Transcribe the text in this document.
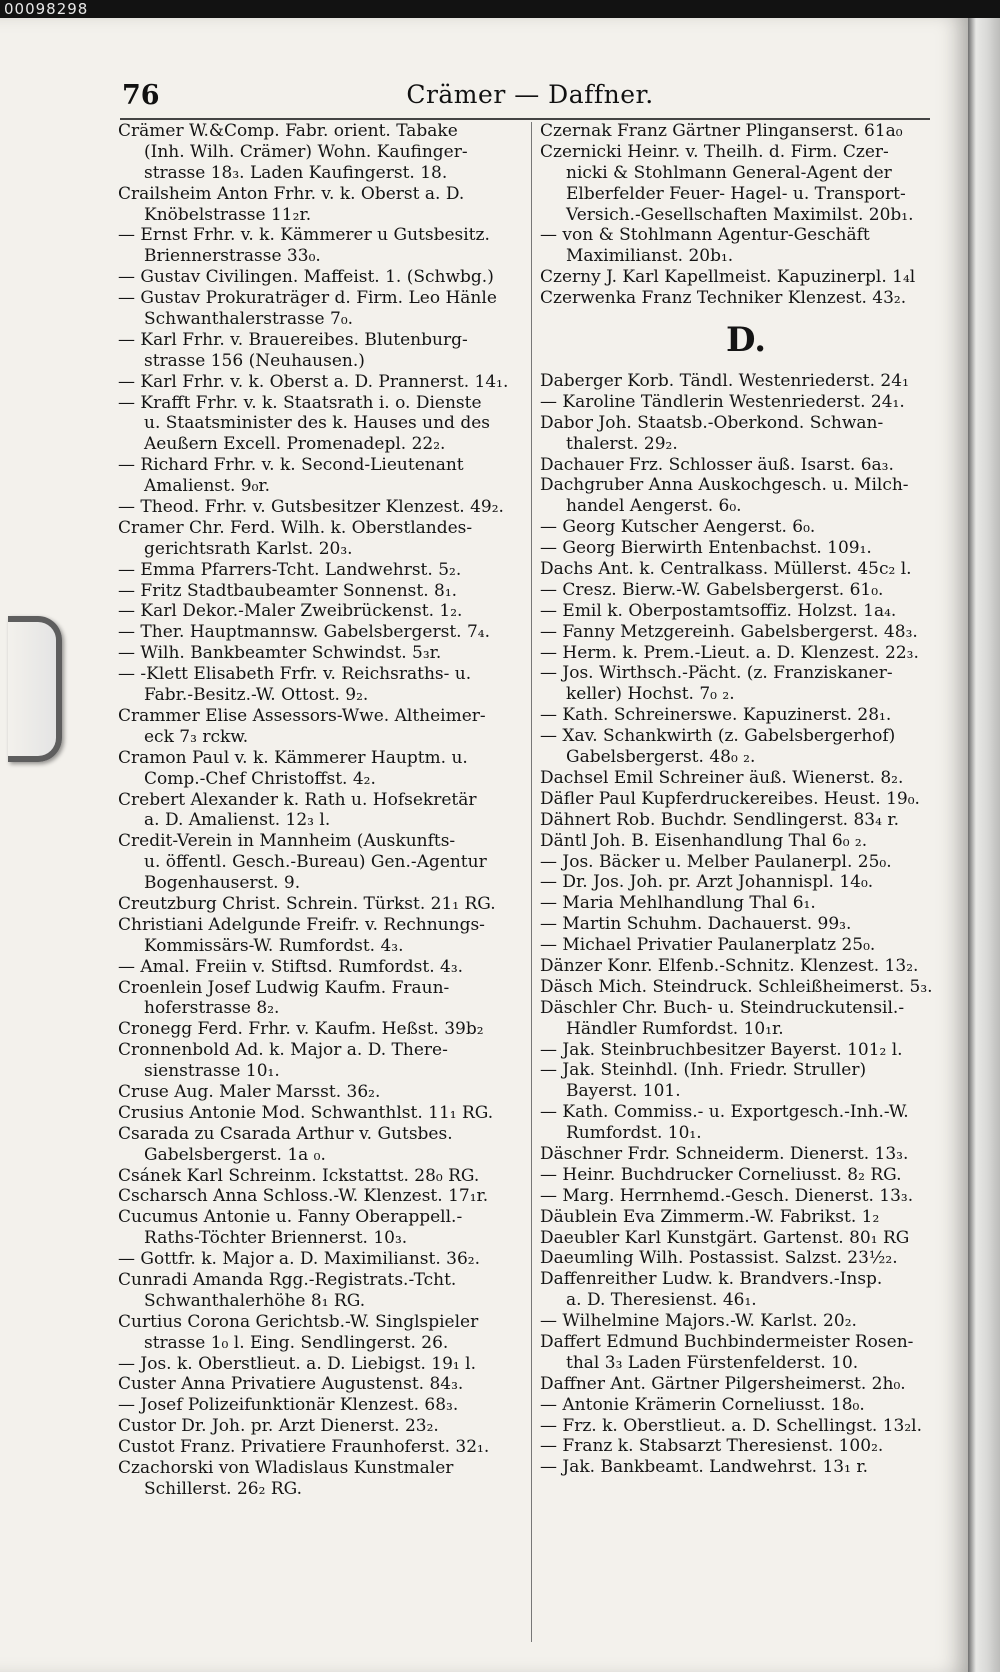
00098298
76	Crämer — Daffner.
Crämer W.&Comp. Fabr. orient. Tabake
(Inh. Wilh. Crämer) Wohn. Kaufinger-
strasse 18₃. Laden Kaufingerst. 18.
Crailsheim Anton Frhr. v. k. Oberst a. D.
Knöbelstrasse 11₂r.
— Ernst Frhr. v. k. Kämmerer u Gutsbesitz.
Briennerstrasse 33₀.
— Gustav Civilingen. Maffeist. 1. (Schwbg.)
— Gustav Prokuraträger d. Firm. Leo Hänle
Schwanthalerstrasse 7₀.
— Karl Frhr. v. Brauereibes. Blutenburg-
strasse 156 (Neuhausen.)
— Karl Frhr. v. k. Oberst a. D. Prannerst. 14₁.
— Krafft Frhr. v. k. Staatsrath i. o. Dienste
u. Staatsminister des k. Hauses und des
Aeußern Excell. Promenadepl. 22₂.
— Richard Frhr. v. k. Second-Lieutenant
Amalienst. 9₀r.
— Theod. Frhr. v. Gutsbesitzer Klenzest. 49₂.
Cramer Chr. Ferd. Wilh. k. Oberstlandes-
gerichtsrath Karlst. 20₃.
— Emma Pfarrers-Tcht. Landwehrst. 5₂.
— Fritz Stadtbaubeamter Sonnenst. 8₁.
— Karl Dekor.-Maler Zweibrückenst. 1₂.
— Ther. Hauptmannsw. Gabelsbergerst. 7₄.
— Wilh. Bankbeamter Schwindst. 5₃r.
— -Klett Elisabeth Frfr. v. Reichsraths- u.
Fabr.-Besitz.-W. Ottost. 9₂.
Crammer Elise Assessors-Wwe. Altheimer-
eck 7₃ rckw.
Cramon Paul v. k. Kämmerer Hauptm. u.
Comp.-Chef Christoffst. 4₂.
Crebert Alexander k. Rath u. Hofsekretär
a. D. Amalienst. 12₃ l.
Credit-Verein in Mannheim (Auskunfts-
u. öffentl. Gesch.-Bureau) Gen.-Agentur
Bogenhauserst. 9.
Creutzburg Christ. Schrein. Türkst. 21₁ RG.
Christiani Adelgunde Freifr. v. Rechnungs-
Kommissärs-W. Rumfordst. 4₃.
— Amal. Freiin v. Stiftsd. Rumfordst. 4₃.
Croenlein Josef Ludwig Kaufm. Fraun-
hoferstrasse 8₂.
Cronegg Ferd. Frhr. v. Kaufm. Heßst. 39b₂
Cronnenbold Ad. k. Major a. D. There-
sienstrasse 10₁.
Cruse Aug. Maler Marsst. 36₂.
Crusius Antonie Mod. Schwanthlst. 11₁ RG.
Csarada zu Csarada Arthur v. Gutsbes.
Gabelsbergerst. 1a ₀.
Csánek Karl Schreinm. Ickstattst. 28₀ RG.
Cscharsch Anna Schloss.-W. Klenzest. 17₁r.
Cucumus Antonie u. Fanny Oberappell.-
Raths-Töchter Briennerst. 10₃.
— Gottfr. k. Major a. D. Maximilianst. 36₂.
Cunradi Amanda Rgg.-Registrats.-Tcht.
Schwanthalerhöhe 8₁ RG.
Curtius Corona Gerichtsb.-W. Singlspieler
strasse 1₀ l. Eing. Sendlingerst. 26.
— Jos. k. Oberstlieut. a. D. Liebigst. 19₁ l.
Custer Anna Privatiere Augustenst. 84₃.
— Josef Polizeifunktionär Klenzest. 68₃.
Custor Dr. Joh. pr. Arzt Dienerst. 23₂.
Custot Franz. Privatiere Fraunhoferst. 32₁.
Czachorski von Wladislaus Kunstmaler
Schillerst. 26₂ RG.
Czernak Franz Gärtner Plinganserst. 61a₀
Czernicki Heinr. v. Theilh. d. Firm. Czer-
nicki & Stohlmann General-Agent der
Elberfelder Feuer- Hagel- u. Transport-
Versich.-Gesellschaften Maximilst. 20b₁.
— von & Stohlmann Agentur-Geschäft
Maximilianst. 20b₁.
Czerny J. Karl Kapellmeist. Kapuzinerpl. 1₄l
Czerwenka Franz Techniker Klenzest. 43₂.
D.
Daberger Korb. Tändl. Westenriederst. 24₁
— Karoline Tändlerin Westenriederst. 24₁.
Dabor Joh. Staatsb.-Oberkond. Schwan-
thalerst. 29₂.
Dachauer Frz. Schlosser äuß. Isarst. 6a₃.
Dachgruber Anna Auskochgesch. u. Milch-
handel Aengerst. 6₀.
— Georg Kutscher Aengerst. 6₀.
— Georg Bierwirth Entenbachst. 109₁.
Dachs Ant. k. Centralkass. Müllerst. 45c₂ l.
— Cresz. Bierw.-W. Gabelsbergerst. 61₀.
— Emil k. Oberpostamtsoffiz. Holzst. 1a₄.
— Fanny Metzgereinh. Gabelsbergerst. 48₃.
— Herm. k. Prem.-Lieut. a. D. Klenzest. 22₃.
— Jos. Wirthsch.-Pächt. (z. Franziskaner-
keller) Hochst. 7₀ ₂.
— Kath. Schreinerswe. Kapuzinerst. 28₁.
— Xav. Schankwirth (z. Gabelsbergerhof)
Gabelsbergerst. 48₀ ₂.
Dachsel Emil Schreiner äuß. Wienerst. 8₂.
Däfler Paul Kupferdruckereibes. Heust. 19₀.
Dähnert Rob. Buchdr. Sendlingerst. 83₄ r.
Däntl Joh. B. Eisenhandlung Thal 6₀ ₂.
— Jos. Bäcker u. Melber Paulanerpl. 25₀.
— Dr. Jos. Joh. pr. Arzt Johannispl. 14₀.
— Maria Mehlhandlung Thal 6₁.
— Martin Schuhm. Dachauerst. 99₃.
— Michael Privatier Paulanerplatz 25₀.
Dänzer Konr. Elfenb.-Schnitz. Klenzest. 13₂.
Däsch Mich. Steindruck. Schleißheimerst. 5₃.
Däschler Chr. Buch- u. Steindruckutensil.-
Händler Rumfordst. 10₁r.
— Jak. Steinbruchbesitzer Bayerst. 101₂ l.
— Jak. Steinhdl. (Inh. Friedr. Struller)
Bayerst. 101.
— Kath. Commiss.- u. Exportgesch.-Inh.-W.
Rumfordst. 10₁.
Däschner Frdr. Schneiderm. Dienerst. 13₃.
— Heinr. Buchdrucker Corneliusst. 8₂ RG.
— Marg. Herrnhemd.-Gesch. Dienerst. 13₃.
Däublein Eva Zimmerm.-W. Fabrikst. 1₂
Daeubler Karl Kunstgärt. Gartenst. 80₁ RG
Daeumling Wilh. Postassist. Salzst. 23½₂.
Daffenreither Ludw. k. Brandvers.-Insp.
a. D. Theresienst. 46₁.
— Wilhelmine Majors.-W. Karlst. 20₂.
Daffert Edmund Buchbindermeister Rosen-
thal 3₃ Laden Fürstenfelderst. 10.
Daffner Ant. Gärtner Pilgersheimerst. 2h₀.
— Antonie Krämerin Corneliusst. 18₀.
— Frz. k. Oberstlieut. a. D. Schellingst. 13₂l.
— Franz k. Stabsarzt Theresienst. 100₂.
— Jak. Bankbeamt. Landwehrst. 13₁ r.
